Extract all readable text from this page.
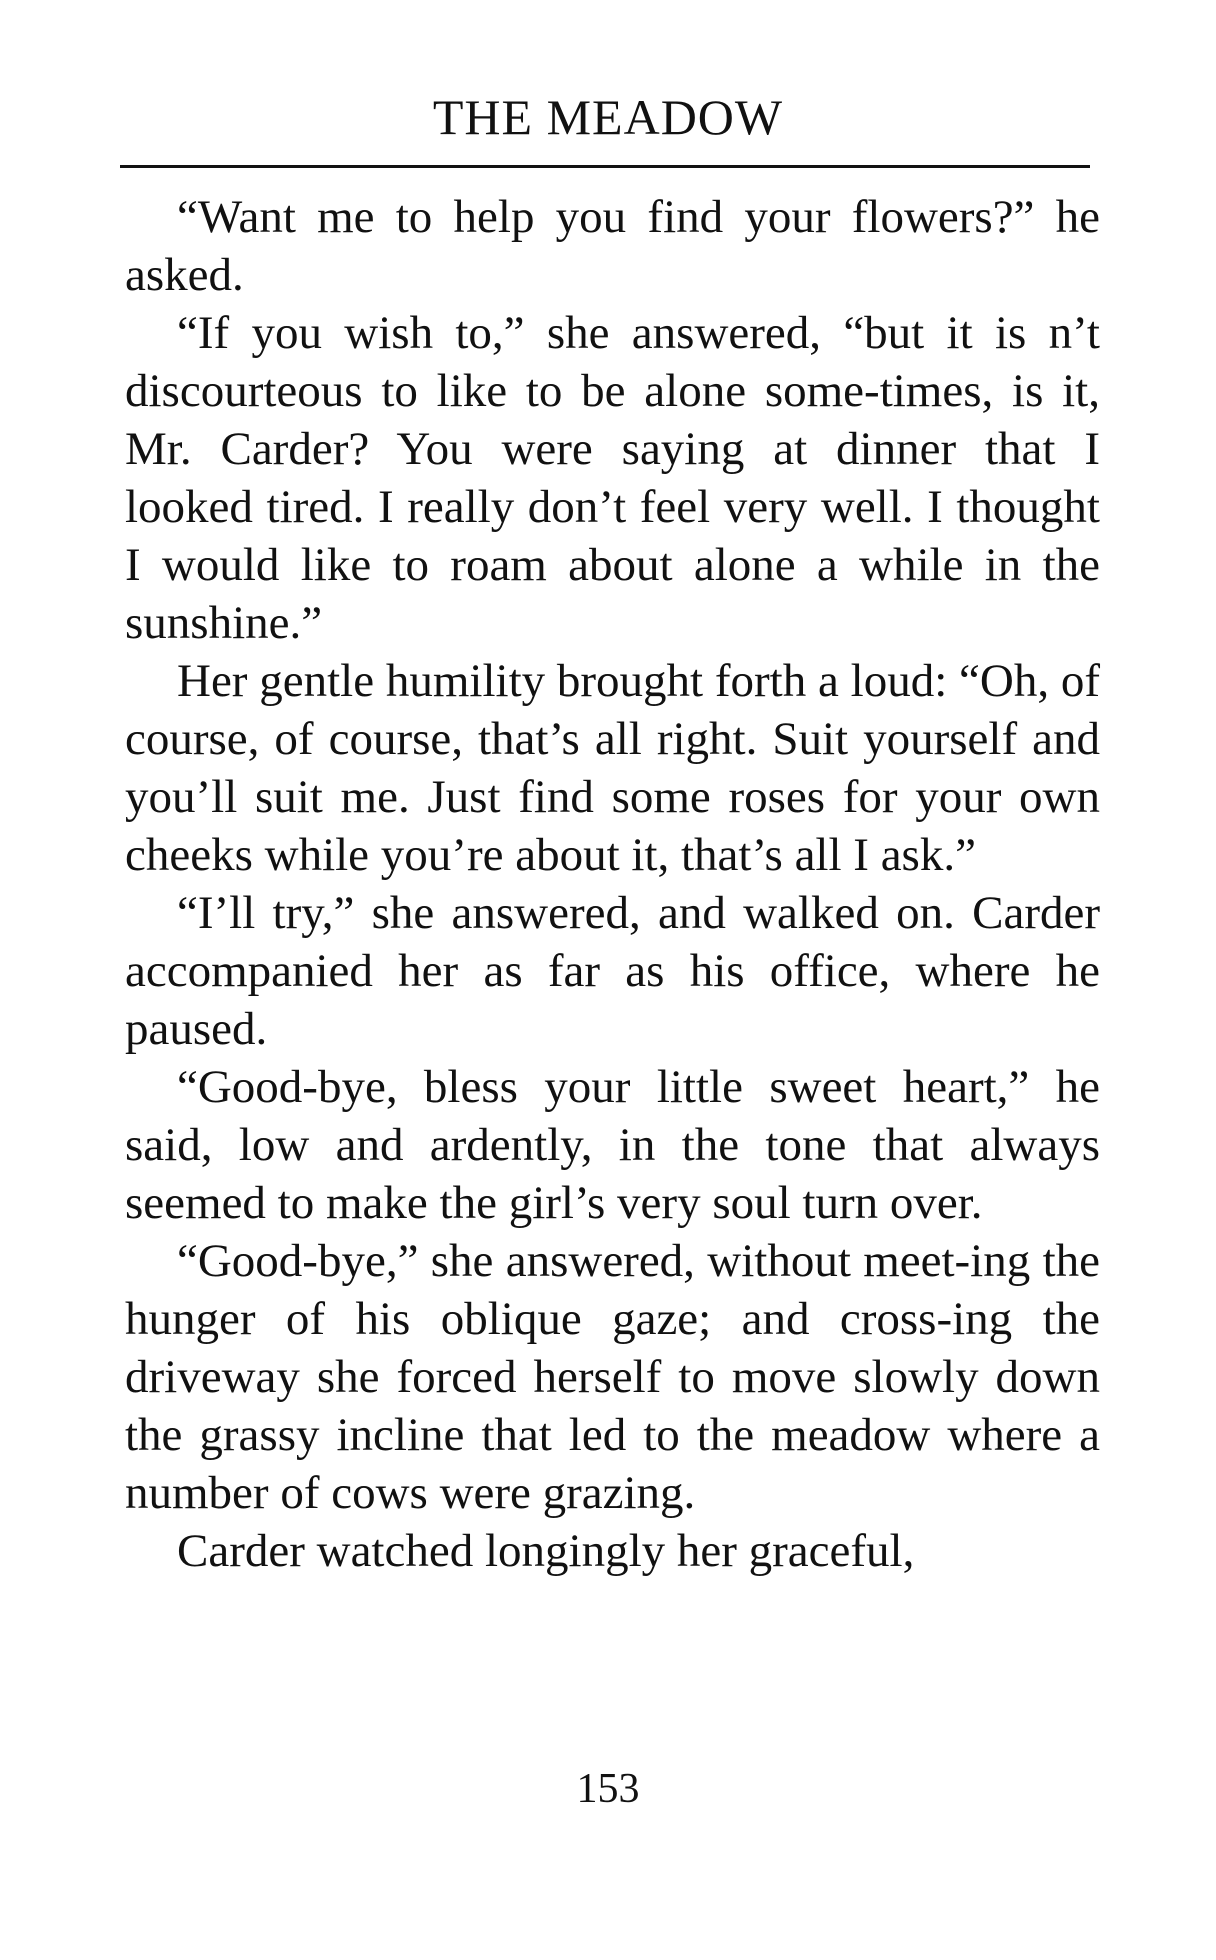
THE MEADOW

“Want me to help you find your flowers?” he asked.

“If you wish to,” she answered, “but it is n’t discourteous to like to be alone some-times, is it, Mr. Carder? You were saying at dinner that I looked tired. I really don’t feel very well. I thought I would like to roam about alone a while in the sunshine.”

Her gentle humility brought forth a loud: “Oh, of course, of course, that’s all right. Suit yourself and you’ll suit me. Just find some roses for your own cheeks while you’re about it, that’s all I ask.”

“I’ll try,” she answered, and walked on. Carder accompanied her as far as his office, where he paused.

“Good-bye, bless your little sweet heart,” he said, low and ardently, in the tone that always seemed to make the girl’s very soul turn over.

“Good-bye,” she answered, without meet-ing the hunger of his oblique gaze; and cross-ing the driveway she forced herself to move slowly down the grassy incline that led to the meadow where a number of cows were grazing.

Carder watched longingly her graceful,

153
